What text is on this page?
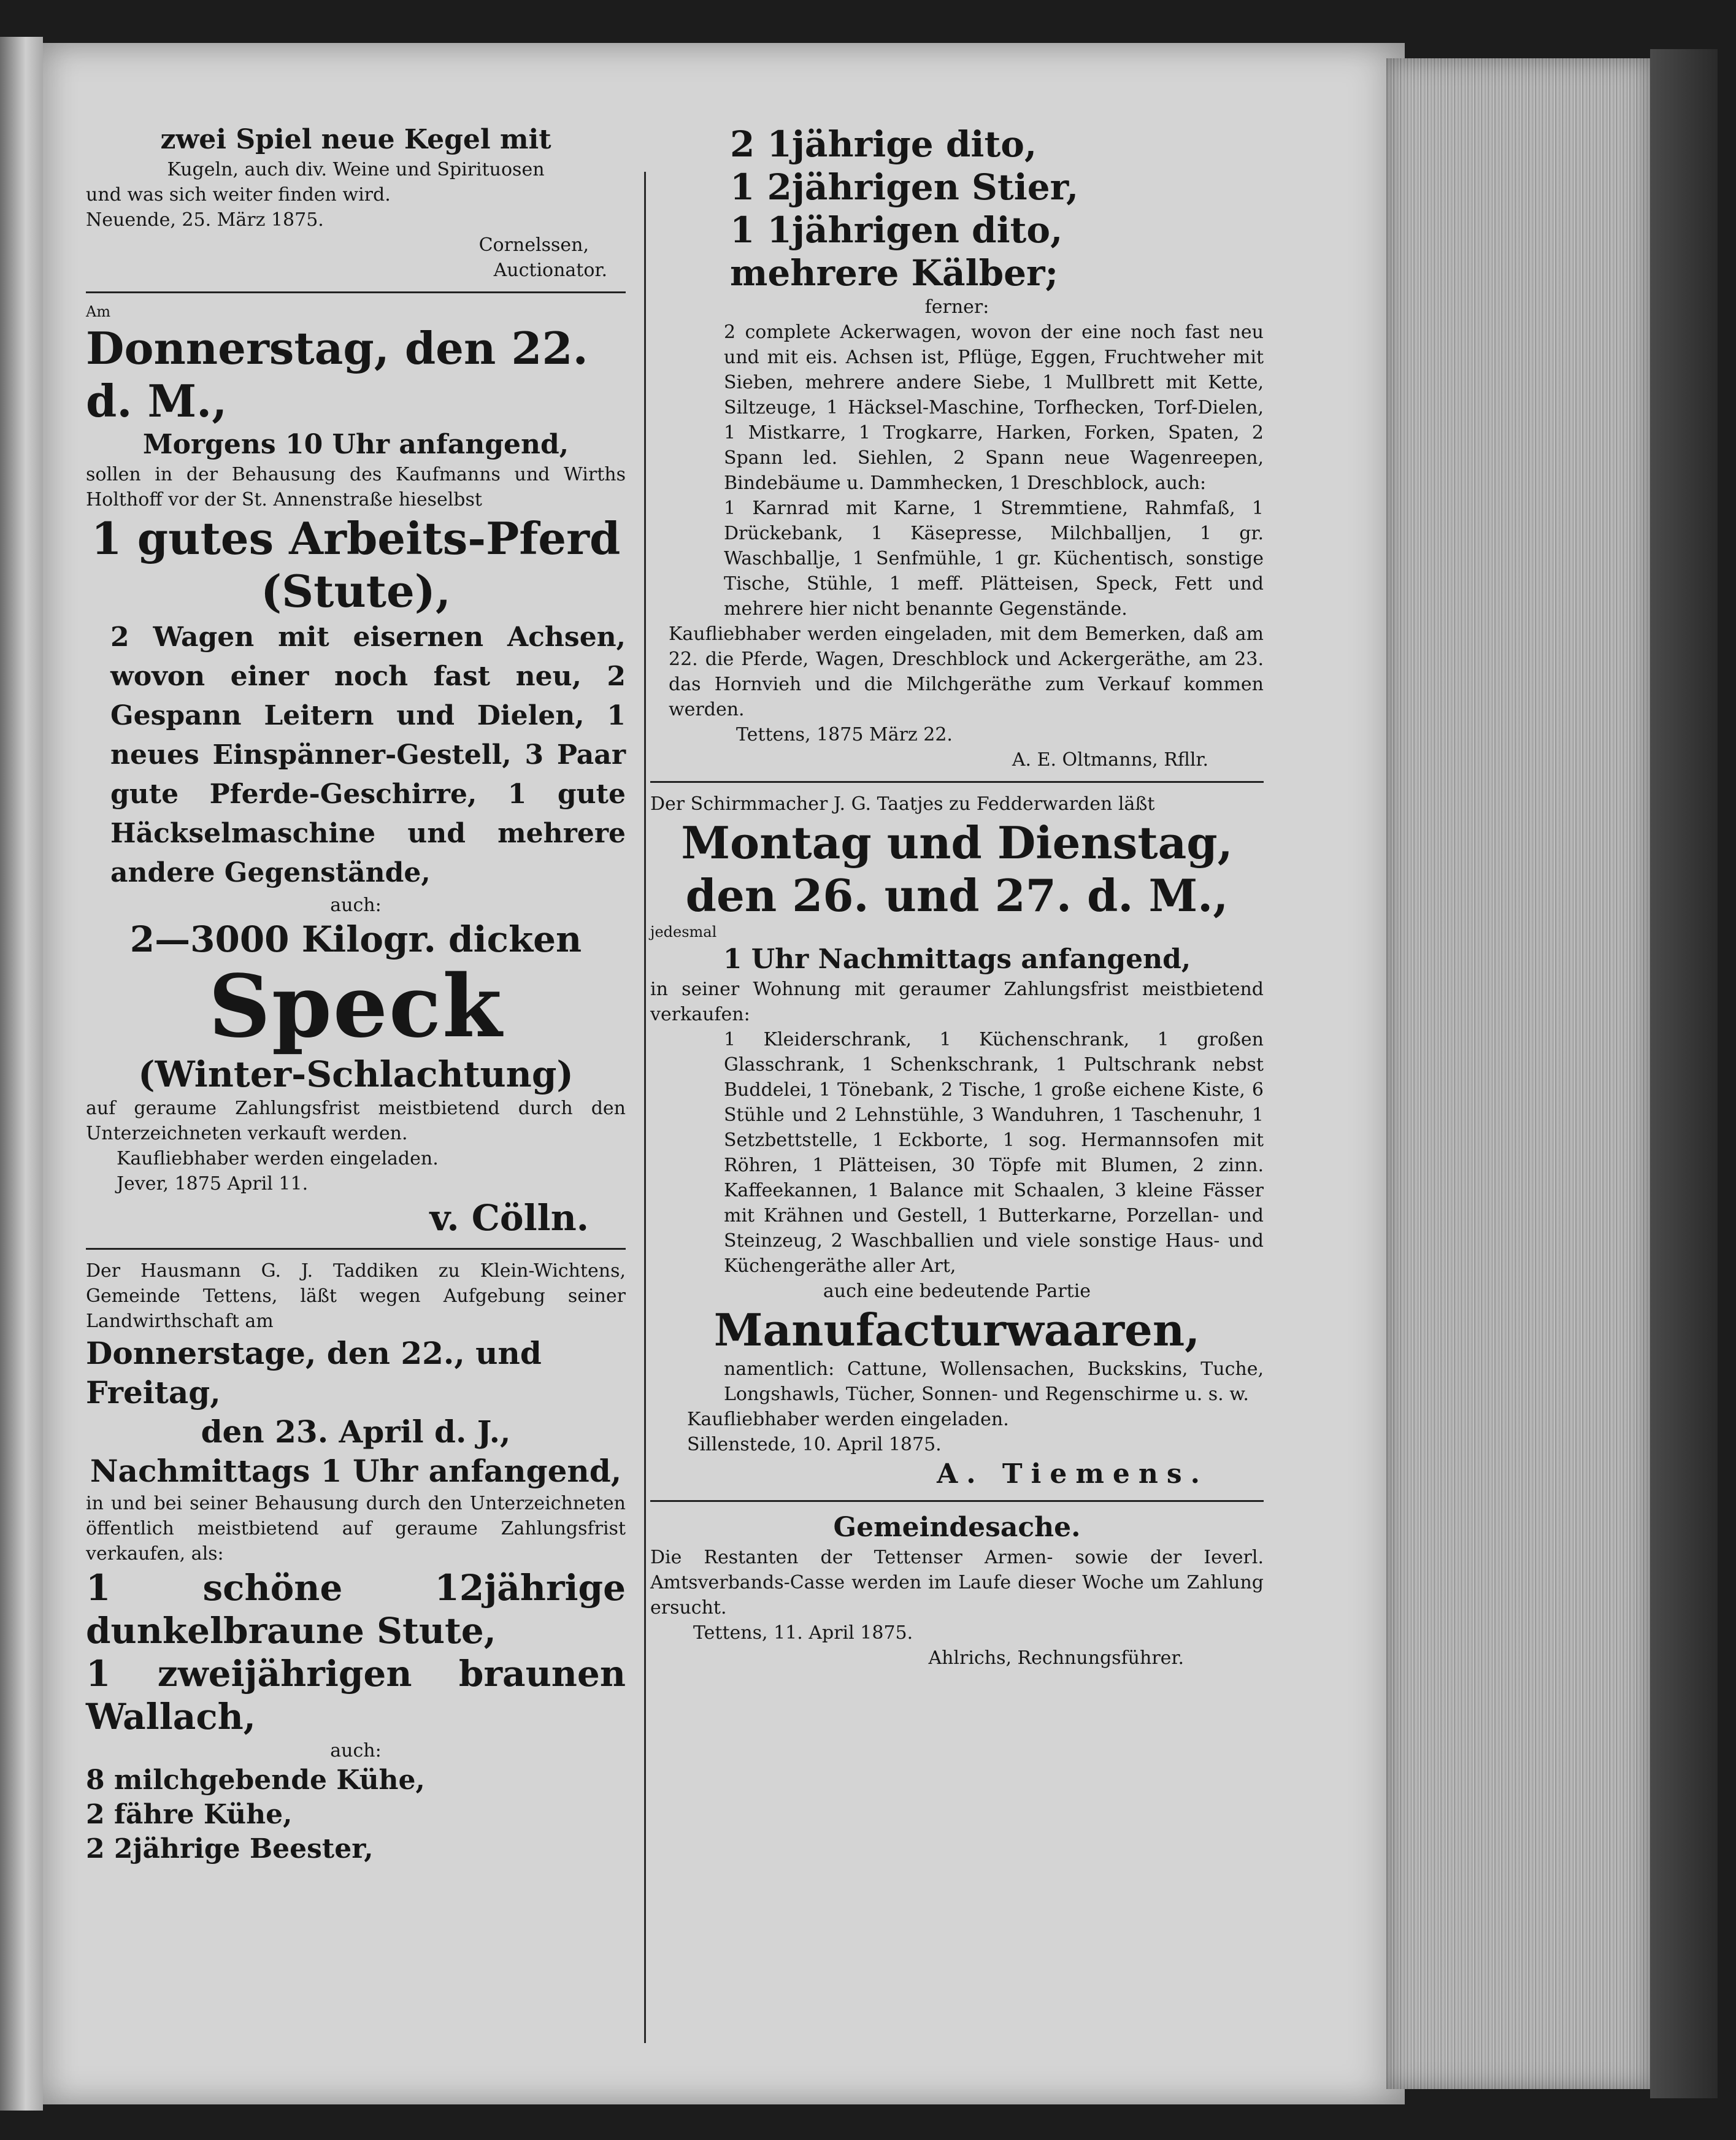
zwei Spiel neue Kegel mit

Kugeln, auch div. Weine und Spirituosen

und was sich weiter finden wird.

Neuende, 25. März 1875.

Cornelssen,

Auctionator.

Am

Donnerstag, den 22. d. M.,

Morgens 10 Uhr anfangend,

sollen in der Behausung des Kaufmanns und Wirths Holthoff vor der St. Annenstraße hieselbst

1 gutes Arbeits-Pferd

(Stute),

2 Wagen mit eisernen Achsen, wovon einer noch fast neu, 2 Gespann Leitern und Dielen, 1 neues Einspänner-Gestell, 3 Paar gute Pferde-Geschirre, 1 gute Häckselmaschine und mehrere andere Gegenstände,

auch:

2—3000 Kilogr. dicken

Speck

(Winter-Schlachtung)

auf geraume Zahlungsfrist meistbietend durch den Unterzeichneten verkauft werden.

Kaufliebhaber werden eingeladen.

Jever, 1875 April 11.

v. Cölln.

Der Hausmann G. J. Taddiken zu Klein-Wichtens, Gemeinde Tettens, läßt wegen Aufgebung seiner Landwirthschaft am

Donnerstage, den 22., und Freitag,

den 23. April d. J.,

Nachmittags 1 Uhr anfangend,

in und bei seiner Behausung durch den Unterzeichneten öffentlich meistbietend auf geraume Zahlungsfrist verkaufen, als:

1 schöne 12jährige dunkelbraune Stute,

1 zweijährigen braunen Wallach,

auch:

8 milchgebende Kühe,

2 fähre Kühe,

2 2jährige Beester,

2 1jährige dito,

1 2jährigen Stier,

1 1jährigen dito,

mehrere Kälber;

ferner:

2 complete Ackerwagen, wovon der eine noch fast neu und mit eis. Achsen ist, Pflüge, Eggen, Fruchtweher mit Sieben, mehrere andere Siebe, 1 Mullbrett mit Kette, Siltzeuge, 1 Häcksel-Maschine, Torfhecken, Torf-Dielen, 1 Mistkarre, 1 Trogkarre, Harken, Forken, Spaten, 2 Spann led. Siehlen, 2 Spann neue Wagenreepen, Bindebäume u. Dammhecken, 1 Dreschblock, auch:

1 Karnrad mit Karne, 1 Stremmtiene, Rahmfaß, 1 Drückebank, 1 Käsepresse, Milchballjen, 1 gr. Waschballje, 1 Senfmühle, 1 gr. Küchentisch, sonstige Tische, Stühle, 1 meff. Plätteisen, Speck, Fett und mehrere hier nicht benannte Gegenstände.

Kaufliebhaber werden eingeladen, mit dem Bemerken, daß am 22. die Pferde, Wagen, Dreschblock und Ackergeräthe, am 23. das Hornvieh und die Milchgeräthe zum Verkauf kommen werden.

Tettens, 1875 März 22.

A. E. Oltmanns, Rfllr.

Der Schirmmacher J. G. Taatjes zu Fedderwarden läßt

Montag und Dienstag,

den 26. und 27. d. M.,

jedesmal

1 Uhr Nachmittags anfangend,

in seiner Wohnung mit geraumer Zahlungsfrist meistbietend verkaufen:

1 Kleiderschrank, 1 Küchenschrank, 1 großen Glasschrank, 1 Schenkschrank, 1 Pultschrank nebst Buddelei, 1 Tönebank, 2 Tische, 1 große eichene Kiste, 6 Stühle und 2 Lehnstühle, 3 Wanduhren, 1 Taschenuhr, 1 Setzbettstelle, 1 Eckborte, 1 sog. Hermannsofen mit Röhren, 1 Plätteisen, 30 Töpfe mit Blumen, 2 zinn. Kaffeekannen, 1 Balance mit Schaalen, 3 kleine Fässer mit Krähnen und Gestell, 1 Butterkarne, Porzellan- und Steinzeug, 2 Waschballien und viele sonstige Haus- und Küchengeräthe aller Art,

auch eine bedeutende Partie

Manufacturwaaren,

namentlich: Cattune, Wollensachen, Buckskins, Tuche, Longshawls, Tücher, Sonnen- und Regenschirme u. s. w.

Kaufliebhaber werden eingeladen.

Sillenstede, 10. April 1875.

A. Tiemens.

Gemeindesache.

Die Restanten der Tettenser Armen- sowie der Ieverl. Amtsverbands-Casse werden im Laufe dieser Woche um Zahlung ersucht.

Tettens, 11. April 1875.

Ahlrichs, Rechnungsführer.
